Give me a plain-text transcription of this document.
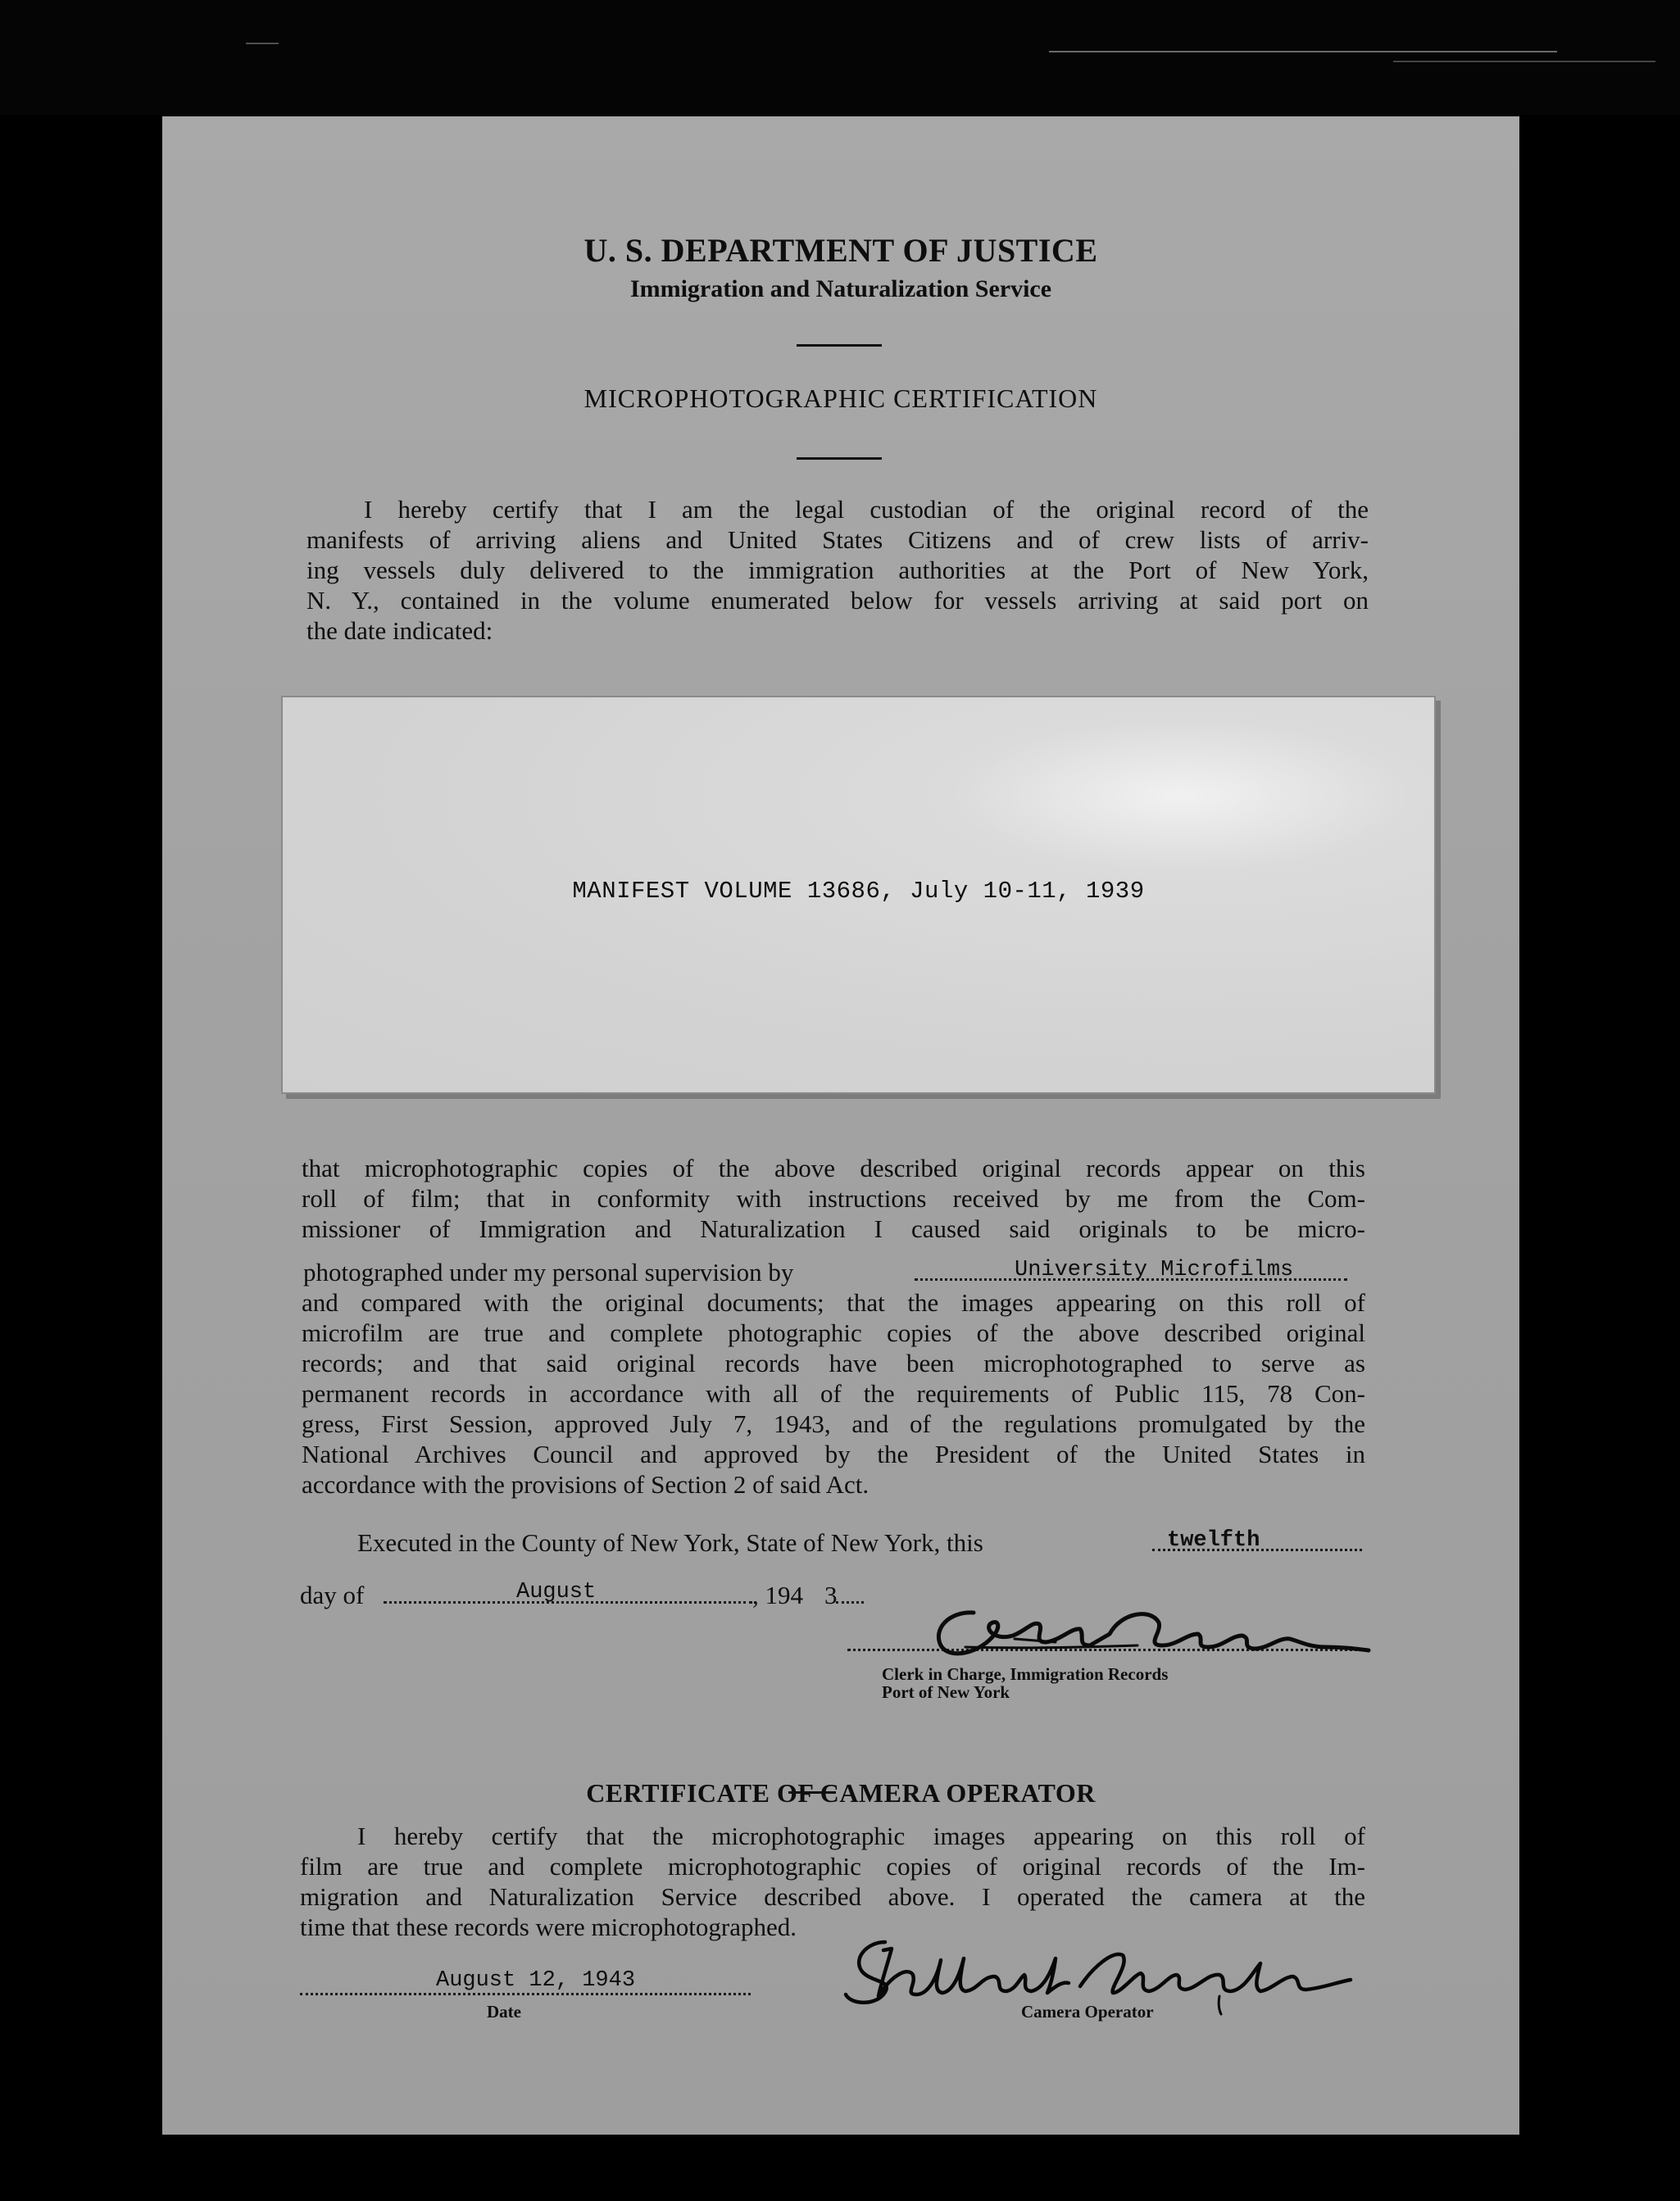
U. S. DEPARTMENT OF JUSTICE
Immigration and Naturalization Service
MICROPHOTOGRAPHIC CERTIFICATION
I hereby certify that I am the legal custodian of the original record of the
manifests of arriving aliens and United States Citizens and of crew lists of arriv-
ing vessels duly delivered to the immigration authorities at the Port of New York,
N. Y., contained in the volume enumerated below for vessels arriving at said port on
the date indicated:
MANIFEST VOLUME 13686, July 10-11, 1939
that microphotographic copies of the above described original records appear on this
roll of film; that in conformity with instructions received by me from the Com-
missioner of Immigration and Naturalization I caused said originals to be micro-
photographed under my personal supervision by	University Microfilms
and compared with the original documents; that the images appearing on this roll of
microfilm are true and complete photographic copies of the above described original
records; and that said original records have been microphotographed to serve as
permanent records in accordance with all of the requirements of Public 115, 78 Con-
gress, First Session, approved July 7, 1943, and of the regulations promulgated by the
National Archives Council and approved by the President of the United States in
accordance with the provisions of Section 2 of said Act.
Executed in the County of New York, State of New York, this	twelfth
day of	August	, 194 3
Clerk in Charge, Immigration Records
Port of New York
CERTIFICATE OF CAMERA OPERATOR
I hereby certify that the microphotographic images appearing on this roll of
film are true and complete microphotographic copies of original records of the Im-
migration and Naturalization Service described above. I operated the camera at the
time that these records were microphotographed.
August 12, 1943
Date	Camera Operator
